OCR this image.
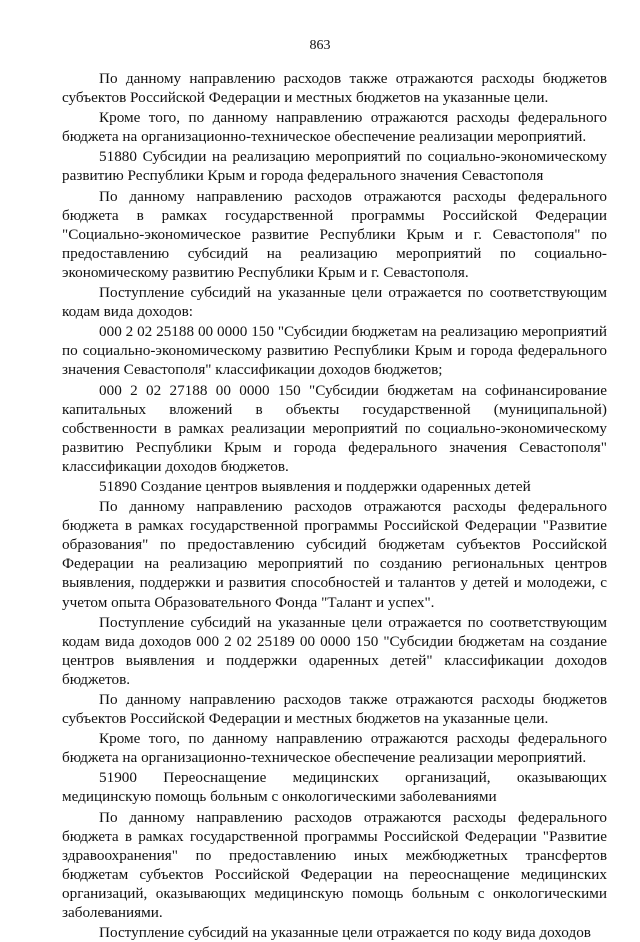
863

По данному направлению расходов также отражаются расходы бюджетов субъектов Российской Федерации и местных бюджетов на указанные цели.

Кроме того, по данному направлению отражаются расходы федерального бюджета на организационно-техническое обеспечение реализации мероприятий.

51880 Субсидии на реализацию мероприятий по социально-экономическому развитию Республики Крым и города федерального значения Севастополя

По данному направлению расходов отражаются расходы федерального бюджета в рамках государственной программы Российской Федерации "Социально-экономическое развитие Республики Крым и г. Севастополя" по предоставлению субсидий на реализацию мероприятий по социально-экономическому развитию Республики Крым и г. Севастополя.

Поступление субсидий на указанные цели отражается по соответствующим кодам вида доходов:

000 2 02 25188 00 0000 150 "Субсидии бюджетам на реализацию мероприятий по социально-экономическому развитию Республики Крым и города федерального значения Севастополя" классификации доходов бюджетов;

000 2 02 27188 00 0000 150 "Субсидии бюджетам на софинансирование капитальных вложений в объекты государственной (муниципальной) собственности в рамках реализации мероприятий по социально-экономическому развитию Республики Крым и города федерального значения Севастополя" классификации доходов бюджетов.

51890 Создание центров выявления и поддержки одаренных детей

По данному направлению расходов отражаются расходы федерального бюджета в рамках государственной программы Российской Федерации "Развитие образования" по предоставлению субсидий бюджетам субъектов Российской Федерации на реализацию мероприятий по созданию региональных центров выявления, поддержки и развития способностей и талантов у детей и молодежи, с учетом опыта Образовательного Фонда "Талант и успех".

Поступление субсидий на указанные цели отражается по соответствующим кодам вида доходов 000 2 02 25189 00 0000 150 "Субсидии бюджетам на создание центров выявления и поддержки одаренных детей" классификации доходов бюджетов.

По данному направлению расходов также отражаются расходы бюджетов субъектов Российской Федерации и местных бюджетов на указанные цели.

Кроме того, по данному направлению отражаются расходы федерального бюджета на организационно-техническое обеспечение реализации мероприятий.

51900 Переоснащение медицинских организаций, оказывающих медицинскую помощь больным с онкологическими заболеваниями

По данному направлению расходов отражаются расходы федерального бюджета в рамках государственной программы Российской Федерации "Развитие здравоохранения" по предоставлению иных межбюджетных трансфертов бюджетам субъектов Российской Федерации на переоснащение медицинских организаций, оказывающих медицинскую помощь больным с онкологическими заболеваниями.

Поступление субсидий на указанные цели отражается по коду вида доходов
